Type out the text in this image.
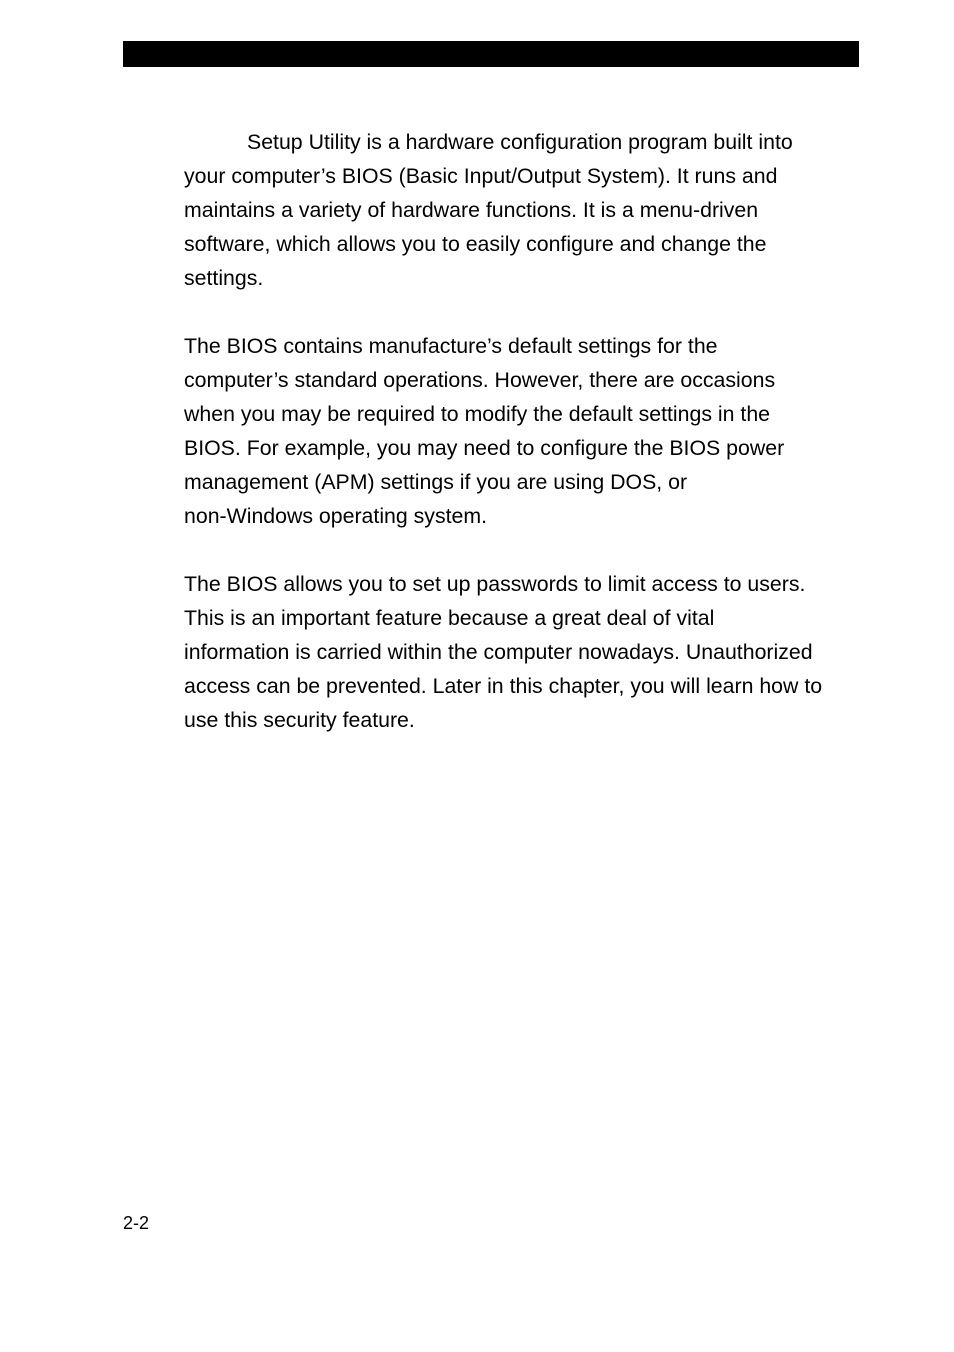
Setup Utility is a hardware configuration program built into
your computer’s BIOS (Basic Input/Output System). It runs and
maintains a variety of hardware functions. It is a menu-driven
software, which allows you to easily configure and change the
settings.

The BIOS contains manufacture’s default settings for the
computer’s standard operations. However, there are occasions
when you may be required to modify the default settings in the
BIOS. For example, you may need to configure the BIOS power
management (APM) settings if you are using DOS, or
non-Windows operating system.

The BIOS allows you to set up passwords to limit access to users.
This is an important feature because a great deal of vital
information is carried within the computer nowadays. Unauthorized
access can be prevented. Later in this chapter, you will learn how to
use this security feature.

2-2
